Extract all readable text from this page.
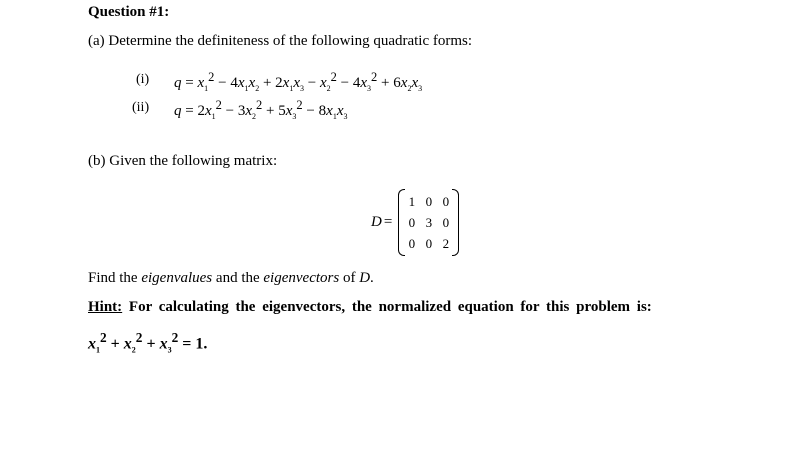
Question #1:
(a) Determine the definiteness of the following quadratic forms:
(i) $q = x_1^2 - 4x_1x_2 + 2x_1x_3 - x_2^2 - 4x_3^2 + 6x_2x_3$
(ii) $q = 2x_1^2 - 3x_2^2 + 5x_3^2 - 8x_1x_3$
(b) Given the following matrix:
D =
1 0 0
0 3 0
0 0 2
Find the eigenvalues and the eigenvectors of D.
Hint: For calculating the eigenvectors, the normalized equation for this problem is:
$x_1^2 + x_2^2 + x_3^2 = 1$.
